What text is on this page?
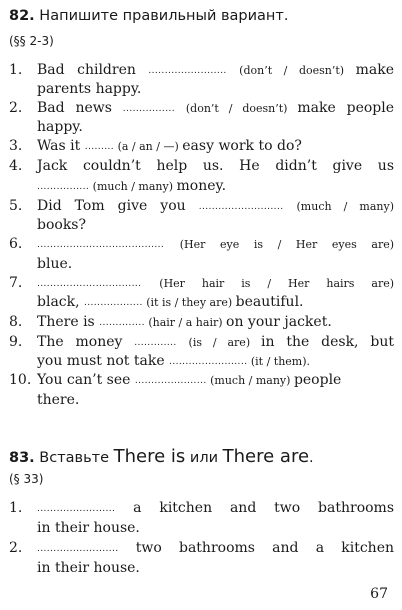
82. Напишите правильный вариант.
(§§ 2-3)
1. Bad children ........................ (don’t / doesn’t) make
parents happy.
2. Bad news ................ (don’t / doesn’t) make people
happy.
3. Was it ......... (a / an / —) easy work to do?
4. Jack couldn’t help us. He didn’t give us
................ (much / many) money.
5. Did Tom give you .......................... (much / many)
books?
6. ....................................... (Her eye is / Her eyes are)
blue.
7. ................................ (Her hair is / Her hairs are)
black, .................. (it is / they are) beautiful.
8. There is .............. (hair / a hair) on your jacket.
9. The money ............. (is / are) in the desk, but
you must not take ........................ (it / them).
10. You can’t see ...................... (much / many) people
there.
83. Вставьте There is или There are.
(§ 33)
1. ........................ a kitchen and two bathrooms
in their house.
2. ......................... two bathrooms and a kitchen
in their house.
67
